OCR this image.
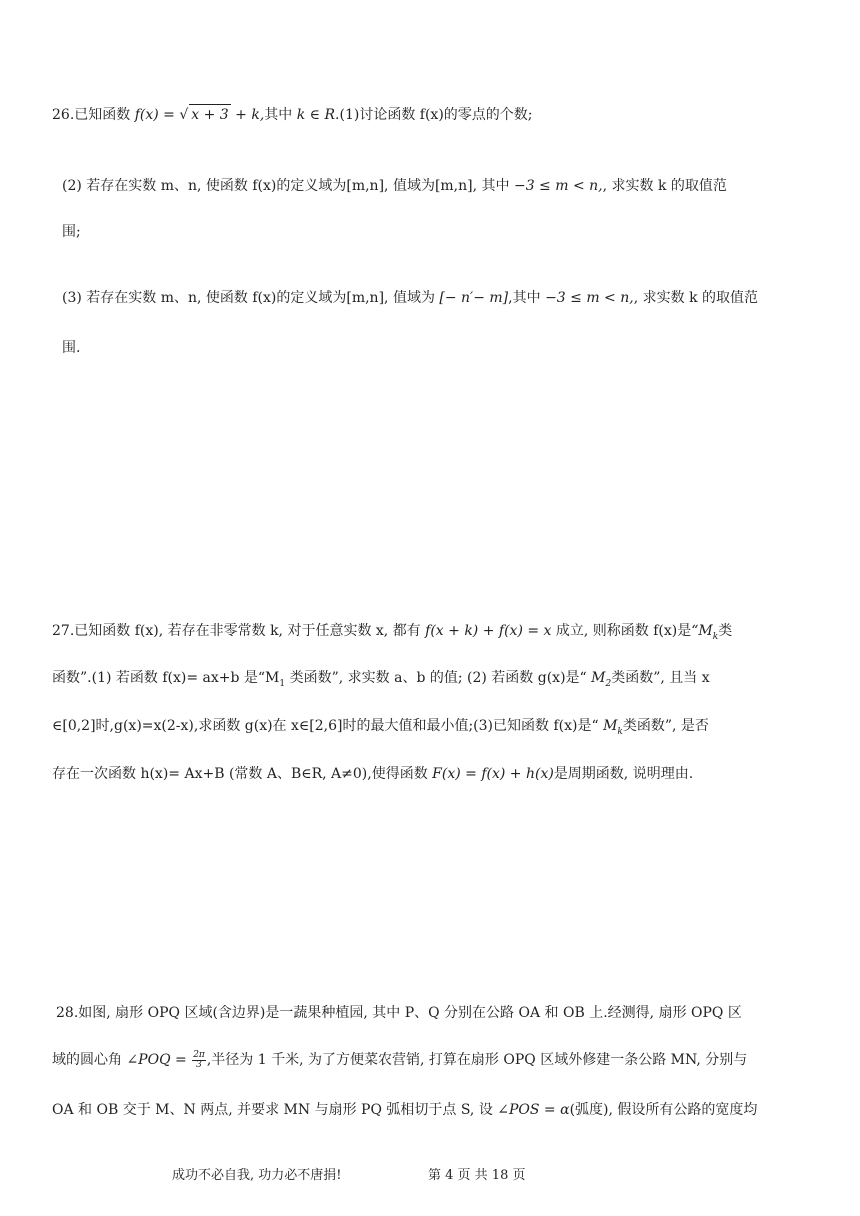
26.已知函数 f(x) = √ x + 3 + k,其中 k ∈ R.(1)讨论函数 f(x)的零点的个数;
(2) 若存在实数 m、n, 使函数 f(x)的定义域为[m,n], 值域为[m,n], 其中 −3 ≤ m < n,, 求实数 k 的取值范
围;
(3) 若存在实数 m、n, 使函数 f(x)的定义域为[m,n], 值域为 [− n′− m],其中 −3 ≤ m < n,, 求实数 k 的取值范
围.
27.已知函数 f(x), 若存在非零常数 k, 对于任意实数 x, 都有 f(x + k) + f(x) = x 成立, 则称函数 f(x)是“$M_k$类
函数”.(1) 若函数 f(x)= ax+b 是“$M_1$ 类函数”, 求实数 a、b 的值; (2) 若函数 g(x)是“ $M_2$类函数”, 且当 x
∈[0,2]时,g(x)=x(2-x),求函数 g(x)在 x∈[2,6]时的最大值和最小值;(3)已知函数 f(x)是“ $M_k$类函数”, 是否
存在一次函数 h(x)= Ax+B (常数 A、B∈R, A≠0),使得函数 F(x) = f(x) + h(x)是周期函数, 说明理由.
28.如图, 扇形 OPQ 区域(含边界)是一蔬果种植园, 其中 P、Q 分别在公路 OA 和 OB 上.经测得, 扇形 OPQ 区
域的圆心角 ∠POQ = $\frac{2\pi}{3}$ ,半径为 1 千米, 为了方便菜农营销, 打算在扇形 OPQ 区域外修建一条公路 MN, 分别与
OA 和 OB 交于 M、N 两点, 并要求 MN 与扇形 PQ 弧相切于点 S, 设 ∠POS = α(弧度), 假设所有公路的宽度均
成功不必自我, 功力必不唐捐!	第 4 页 共 18 页
